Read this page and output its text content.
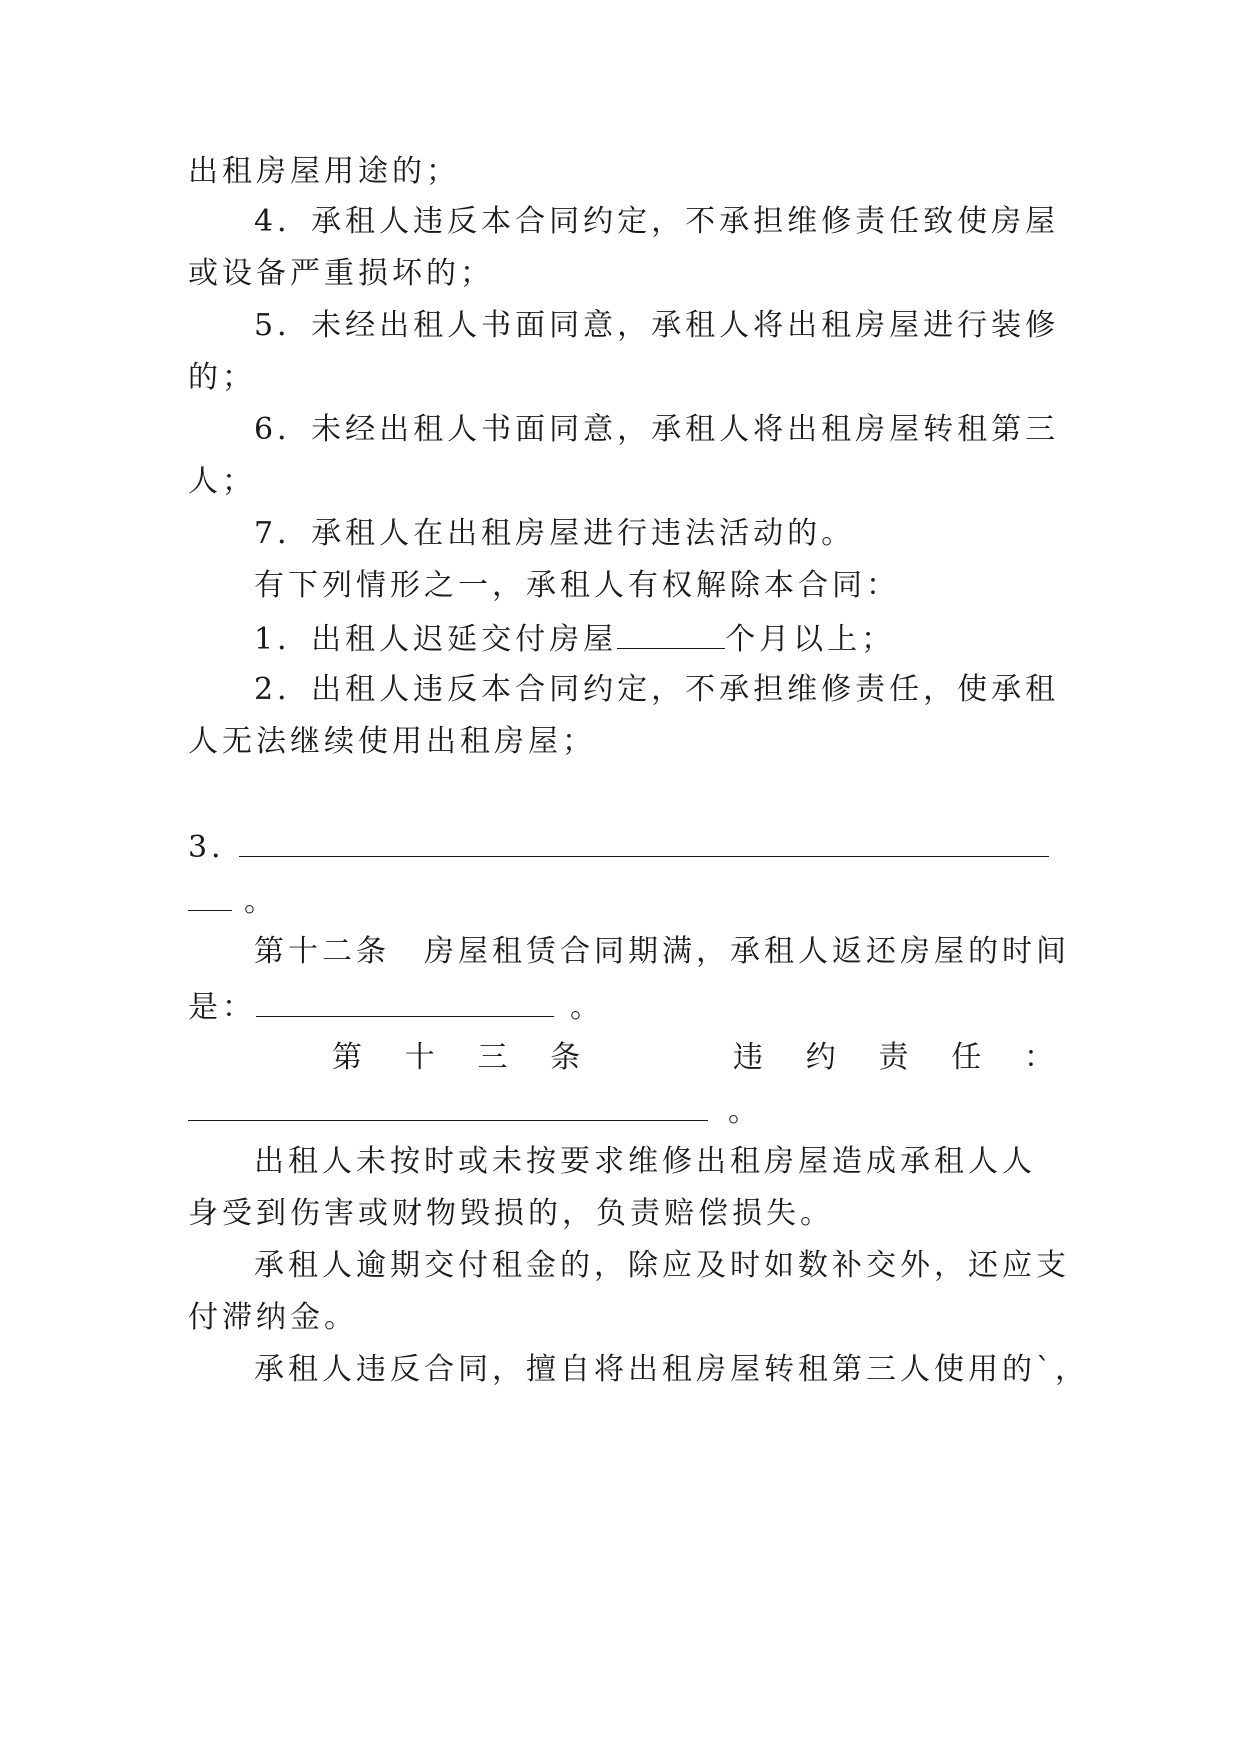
出租房屋用途的；
4．承租人违反本合同约定，不承担维修责任致使房屋
或设备严重损坏的；
5．未经出租人书面同意，承租人将出租房屋进行装修
的；
6．未经出租人书面同意，承租人将出租房屋转租第三
人；
7．承租人在出租房屋进行违法活动的。
有下列情形之一，承租人有权解除本合同：
1．出租人迟延交付房屋	个月以上；
2．出租人违反本合同约定，不承担维修责任，使承租
人无法继续使用出租房屋；
3．
。
第十二条　房屋租赁合同期满，承租人返还房屋的时间
是：	。
第 十 三 条	违 约 责 任 ：
。
出租人未按时或未按要求维修出租房屋造成承租人人
身受到伤害或财物毁损的，负责赔偿损失。
承租人逾期交付租金的，除应及时如数补交外，还应支
付滞纳金。
承租人违反合同，擅自将出租房屋转租第三人使用的`，
